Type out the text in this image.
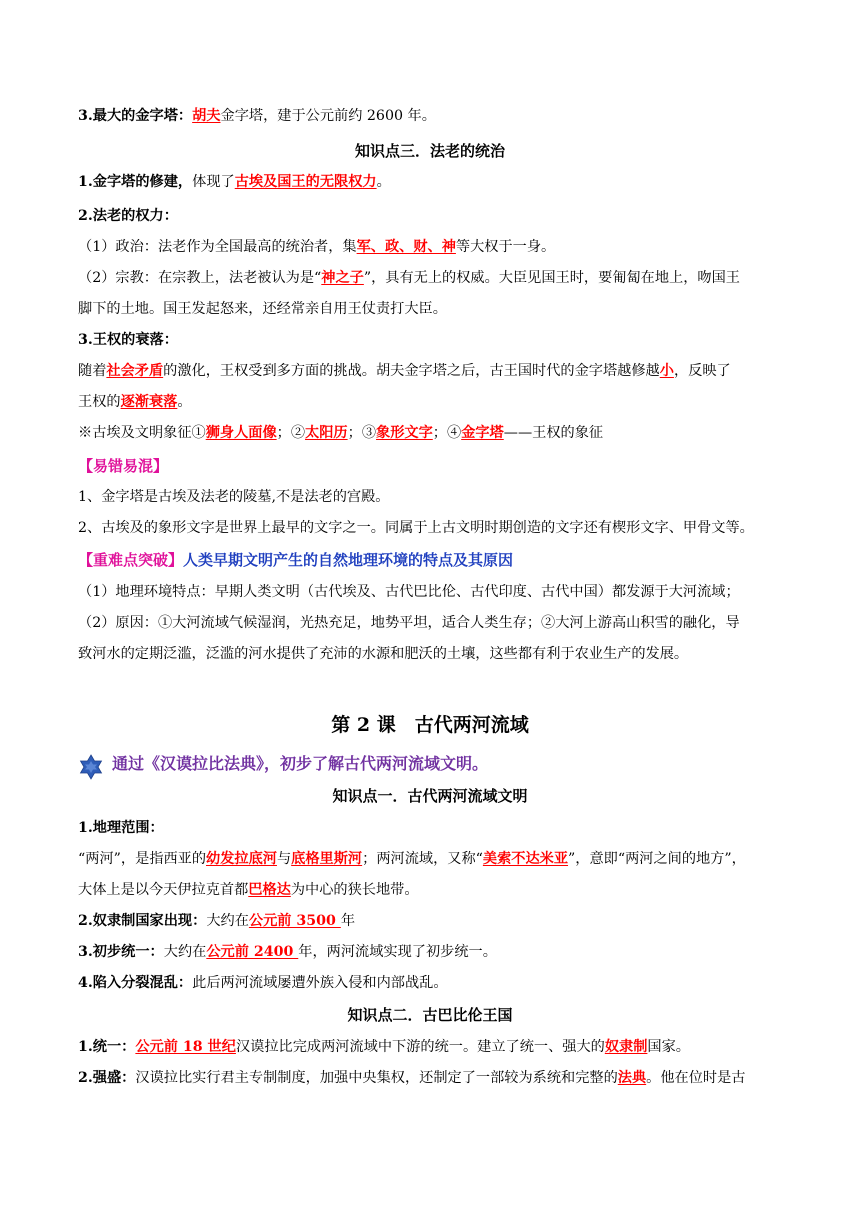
3.最大的金字塔：胡夫金字塔，建于公元前约 2600 年。
知识点三．法老的统治
1.金字塔的修建，体现了古埃及国王的无限权力。
2.法老的权力：
（1）政治：法老作为全国最高的统治者，集军、政、财、神等大权于一身。
（2）宗教：在宗教上，法老被认为是“神之子”，具有无上的权威。大臣见国王时，要匍匐在地上，吻国王
脚下的土地。国王发起怒来，还经常亲自用王仗责打大臣。
3.王权的衰落：
随着社会矛盾的激化，王权受到多方面的挑战。胡夫金字塔之后，古王国时代的金字塔越修越小，反映了
王权的逐渐衰落。
※古埃及文明象征①狮身人面像；②太阳历；③象形文字；④金字塔——王权的象征
【易错易混】
1、金字塔是古埃及法老的陵墓,不是法老的宫殿。
2、古埃及的象形文字是世界上最早的文字之一。同属于上古文明时期创造的文字还有楔形文字、甲骨文等。
【重难点突破】人类早期文明产生的自然地理环境的特点及其原因
（1）地理环境特点：早期人类文明（古代埃及、古代巴比伦、古代印度、古代中国）都发源于大河流域；
（2）原因：①大河流域气候湿润，光热充足，地势平坦，适合人类生存；②大河上游高山积雪的融化，导
致河水的定期泛滥，泛滥的河水提供了充沛的水源和肥沃的土壤，这些都有利于农业生产的发展。
第 2 课　古代两河流域
通过《汉谟拉比法典》，初步了解古代两河流域文明。
知识点一．古代两河流域文明
1.地理范围：
“两河”，是指西亚的幼发拉底河与底格里斯河；两河流域，又称“美索不达米亚”，意即“两河之间的地方”，
大体上是以今天伊拉克首都巴格达为中心的狭长地带。
2.奴隶制国家出现：大约在公元前 3500 年
3.初步统一：大约在公元前 2400 年，两河流域实现了初步统一。
4.陷入分裂混乱：此后两河流域屡遭外族入侵和内部战乱。
知识点二．古巴比伦王国
1.统一：公元前 18 世纪汉谟拉比完成两河流域中下游的统一。建立了统一、强大的奴隶制国家。
2.强盛：汉谟拉比实行君主专制制度，加强中央集权，还制定了一部较为系统和完整的法典。他在位时是古
